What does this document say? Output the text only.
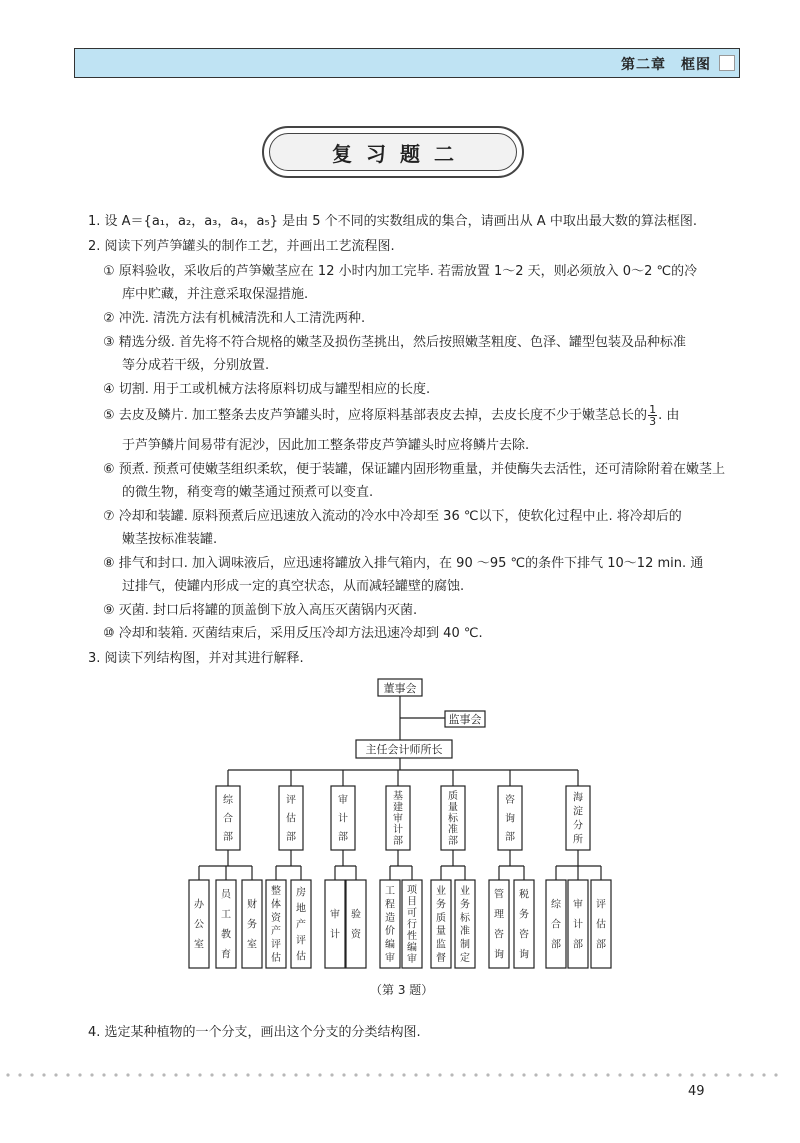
第二章　框图
复习题二
1. 设 A＝{a₁，a₂，a₃，a₄，a₅} 是由 5 个不同的实数组成的集合，请画出从 A 中取出最大数的算法框图.
2. 阅读下列芦笋罐头的制作工艺，并画出工艺流程图.
① 原料验收，采收后的芦笋嫩茎应在 12 小时内加工完毕. 若需放置 1～2 天，则必须放入 0～2 ℃的冷
库中贮藏，并注意采取保湿措施.
② 冲洗. 清洗方法有机械清洗和人工清洗两种.
③ 精选分级. 首先将不符合规格的嫩茎及损伤茎挑出，然后按照嫩茎粗度、色泽、罐型包装及品种标准
等分成若干级，分别放置.
④ 切割. 用于工或机械方法将原料切成与罐型相应的长度.
⑤ 去皮及鳞片. 加工整条去皮芦笋罐头时，应将原料基部表皮去掉，去皮长度不少于嫩茎总长的 $\frac{1}{3}$ . 由
于芦笋鳞片间易带有泥沙，因此加工整条带皮芦笋罐头时应将鳞片去除.
⑥ 预煮. 预煮可使嫩茎组织柔软，便于装罐，保证罐内固形物重量，并使酶失去活性，还可清除附着在嫩茎上
的微生物，稍变弯的嫩茎通过预煮可以变直.
⑦ 冷却和装罐. 原料预煮后应迅速放入流动的冷水中冷却至 36 ℃以下，使软化过程中止. 将冷却后的
嫩茎按标准装罐.
⑧ 排气和封口. 加入调味液后，应迅速将罐放入排气箱内，在 90 ～95 ℃的条件下排气 10～12 min. 通
过排气，使罐内形成一定的真空状态，从而减轻罐壁的腐蚀.
⑨ 灭菌. 封口后将罐的顶盖倒下放入高压灭菌锅内灭菌.
⑩ 冷却和装箱. 灭菌结束后，采用反压冷却方法迅速冷却到 40 ℃.
3. 阅读下列结构图，并对其进行解释.
董事会
监事会
主任会计师所长
综合部
办公室
员工教育
财务室
评估部
整体资产评估
房地产评估
审计部
审计
验资
基建审计部
工程造价编审
项目可行性编审
质量标准部
业务质量监督
业务标准制定
咨询部
管理咨询
税务咨询
海淀分所
综合部
审计部
评估部
（第 3 题）
4. 选定某种植物的一个分支，画出这个分支的分类结构图.
49
